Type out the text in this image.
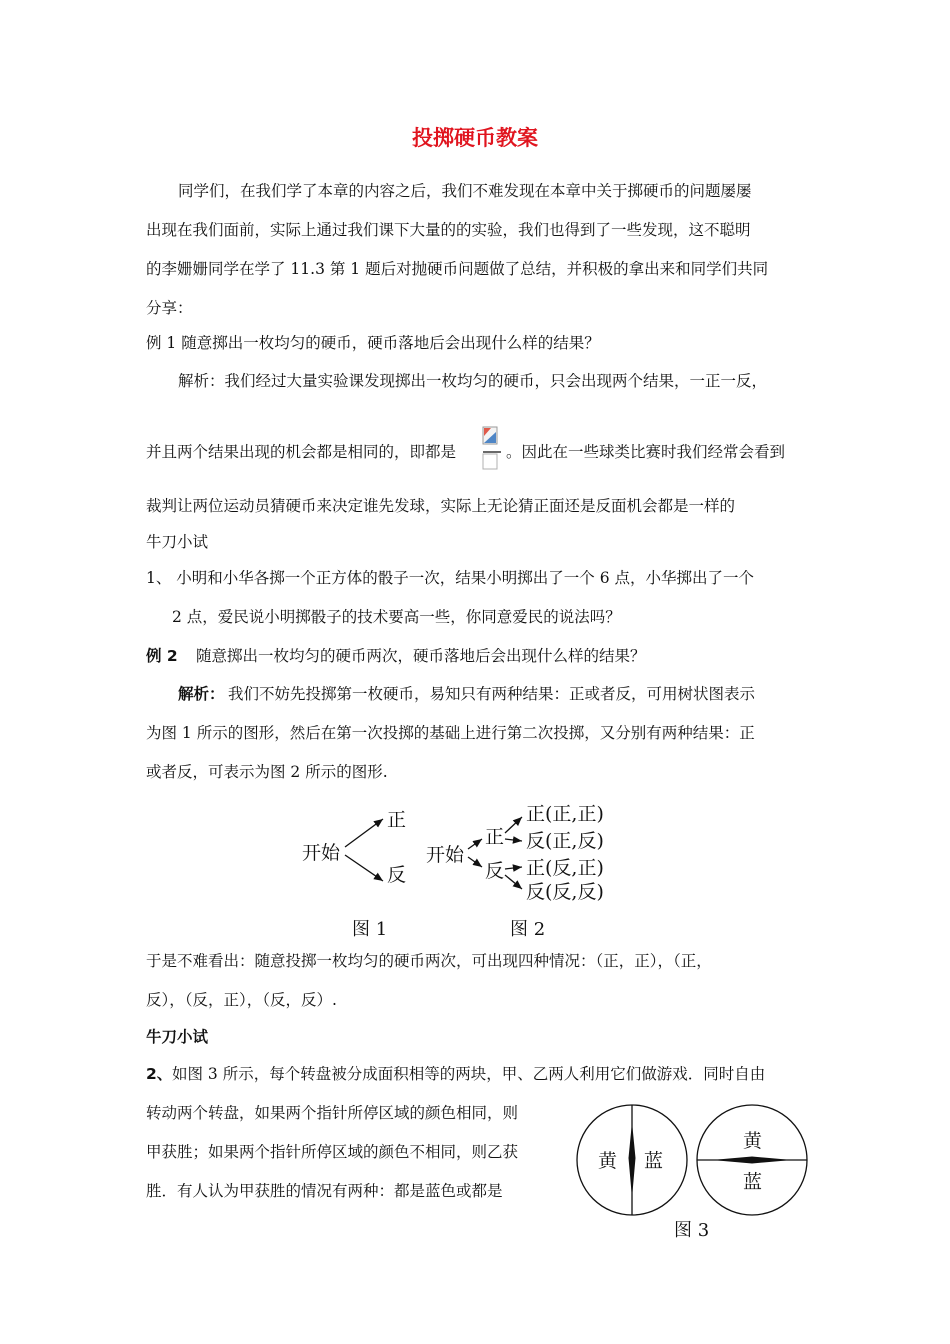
投掷硬币教案
同学们，在我们学了本章的内容之后，我们不难发现在本章中关于掷硬币的问题屡屡
出现在我们面前，实际上通过我们课下大量的的实验，我们也得到了一些发现，这不聪明
的李姗姗同学在学了 11.3 第 1 题后对抛硬币问题做了总结，并积极的拿出来和同学们共同
分享：
例 1 随意掷出一枚均匀的硬币，硬币落地后会出现什么样的结果？
解析：我们经过大量实验课发现掷出一枚均匀的硬币，只会出现两个结果，一正一反，
并且两个结果出现的机会都是相同的，即都是	。因此在一些球类比赛时我们经常会看到
裁判让两位运动员猜硬币来决定谁先发球，实际上无论猜正面还是反面机会都是一样的
牛刀小试
1、 小明和小华各掷一个正方体的骰子一次，结果小明掷出了一个 6 点，小华掷出了一个
2 点，爱民说小明掷骰子的技术要高一些，你同意爱民的说法吗？
例 2 随意掷出一枚均匀的硬币两次，硬币落地后会出现什么样的结果？
解析： 我们不妨先投掷第一枚硬币，易知只有两种结果：正或者反，可用树状图表示
为图 1 所示的图形，然后在第一次投掷的基础上进行第二次投掷，又分别有两种结果：正
或者反，可表示为图 2 所示的图形.
开始
正
反
开始
正
反
正(正,正)
反(正,反)
正(反,正)
反(反,反)
图 1	图 2
于是不难看出：随意投掷一枚均匀的硬币两次，可出现四种情况：（正，正），（正，
反），（反，正），（反，反）.
牛刀小试
2、 如图 3 所示，每个转盘被分成面积相等的两块，甲、乙两人利用它们做游戏．同时自由
转动两个转盘，如果两个指针所停区域的颜色相同，则
甲获胜；如果两个指针所停区域的颜色不相同，则乙获
胜．有人认为甲获胜的情况有两种：都是蓝色或都是
黄 蓝
黄
蓝
图 3
